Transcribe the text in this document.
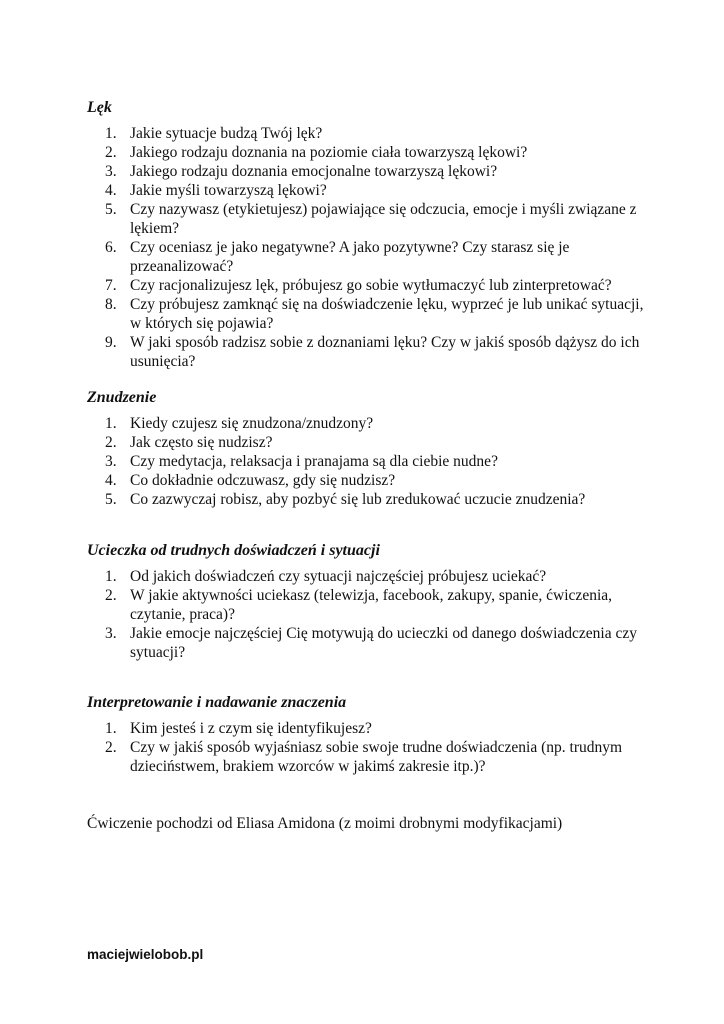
Lęk
1. Jakie sytuacje budzą Twój lęk?
2. Jakiego rodzaju doznania na poziomie ciała towarzyszą lękowi?
3. Jakiego rodzaju doznania emocjonalne towarzyszą lękowi?
4. Jakie myśli towarzyszą lękowi?
5. Czy nazywasz (etykietujesz) pojawiające się odczucia, emocje i myśli związane z lękiem?
6. Czy oceniasz je jako negatywne? A jako pozytywne? Czy starasz się je przeanalizować?
7. Czy racjonalizujesz lęk, próbujesz go sobie wytłumaczyć lub zinterpretować?
8. Czy próbujesz zamknąć się na doświadczenie lęku, wyprzeć je lub unikać sytuacji, w których się pojawia?
9. W jaki sposób radzisz sobie z doznaniami lęku? Czy w jakiś sposób dążysz do ich usunięcia?
Znudzenie
1. Kiedy czujesz się znudzona/znudzony?
2. Jak często się nudzisz?
3. Czy medytacja, relaksacja i pranajama są dla ciebie nudne?
4. Co dokładnie odczuwasz, gdy się nudzisz?
5. Co zazwyczaj robisz, aby pozbyć się lub zredukować uczucie znudzenia?
Ucieczka od trudnych doświadczeń i sytuacji
1. Od jakich doświadczeń czy sytuacji najczęściej próbujesz uciekać?
2. W jakie aktywności uciekasz (telewizja, facebook, zakupy, spanie, ćwiczenia, czytanie, praca)?
3. Jakie emocje najczęściej Cię motywują do ucieczki od danego doświadczenia czy sytuacji?
Interpretowanie i nadawanie znaczenia
1. Kim jesteś i z czym się identyfikujesz?
2. Czy w jakiś sposób wyjaśniasz sobie swoje trudne doświadczenia (np. trudnym dzieciństwem, brakiem wzorców w jakimś zakresie itp.)?

Ćwiczenie pochodzi od Eliasa Amidona (z moimi drobnymi modyfikacjami)

maciejwielobob.pl
